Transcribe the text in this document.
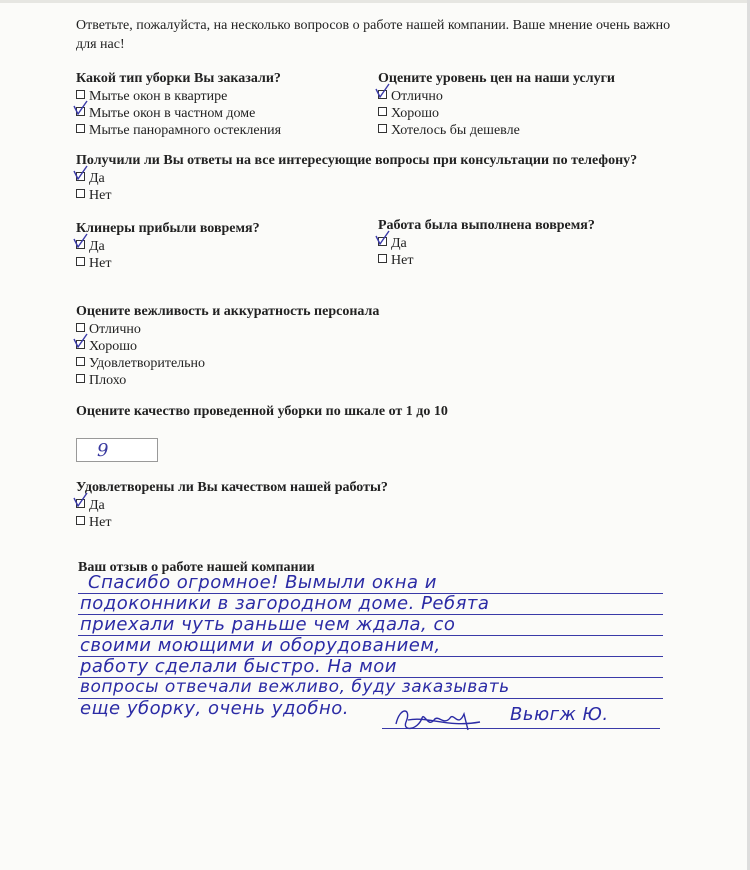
Ответьте, пожалуйста, на несколько вопросов о работе нашей компании. Ваше мнение очень важно для нас!
Какой тип уборки Вы заказали?
Мытье окон в квартире
Мытье окон в частном доме
Мытье панорамного остекления
Оцените уровень цен на наши услуги
Отлично
Хорошо
Хотелось бы дешевле
Получили ли Вы ответы на все интересующие вопросы при консультации по телефону?
Да
Нет
Клинеры прибыли вовремя?
Да
Нет
Работа была выполнена вовремя?
Да
Нет
Оцените вежливость и аккуратность персонала
Отлично
Хорошо
Удовлетворительно
Плохо
Оцените качество проведенной уборки по шкале от 1 до 10
9
Удовлетворены ли Вы качеством нашей работы?
Да
Нет
Ваш отзыв о работе нашей компании
Спасибо огромное! Вымыли окна и
подоконники в загородном доме. Ребята
приехали чуть раньше чем ждала, со
своими моющими и оборудованием,
работу сделали быстро. На мои
вопросы отвечали вежливо, буду заказывать
еще уборку, очень удобно.	Вьюгж Ю.
